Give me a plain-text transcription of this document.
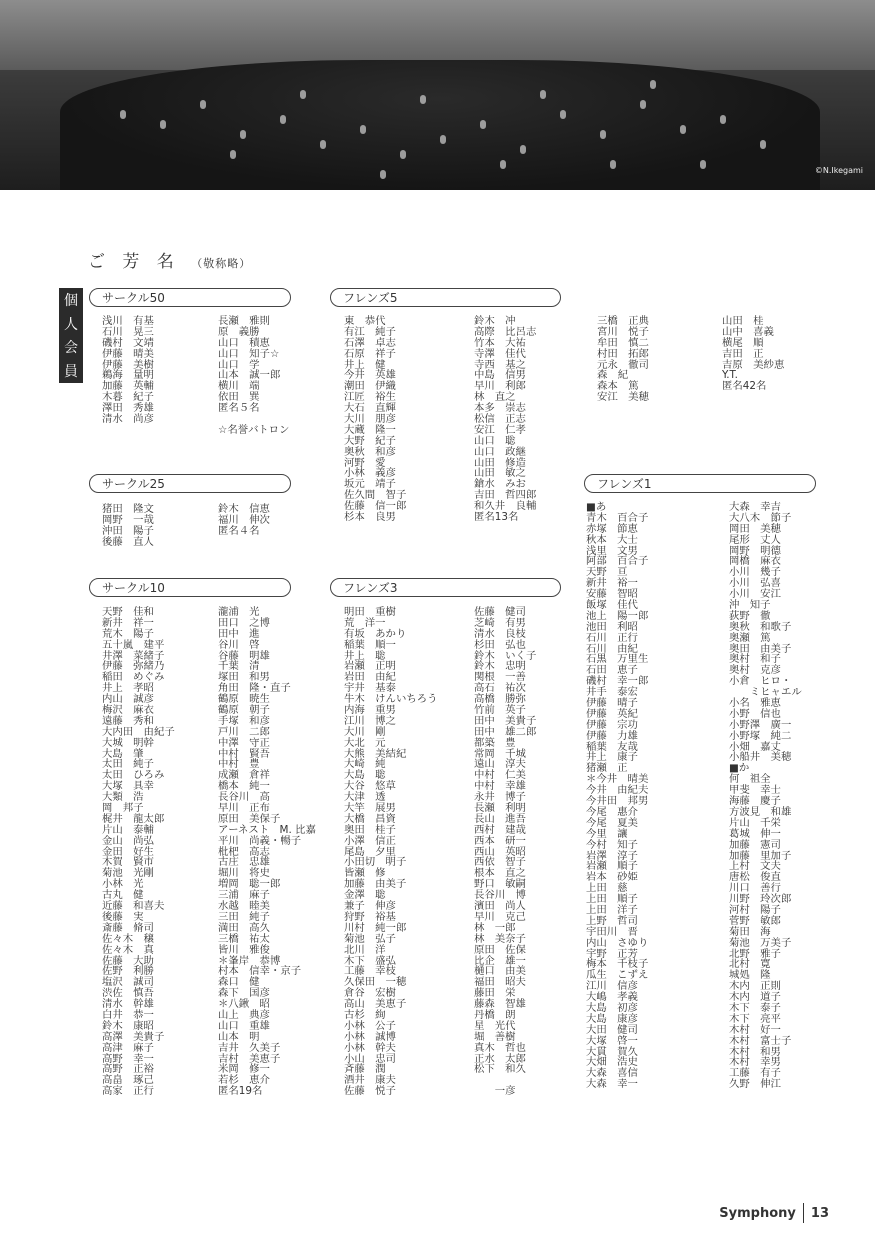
©N.Ikegami
ご 芳 名 （敬称略）
個
人
会
員
サークル50
サークル25
サークル10
フレンズ5
フレンズ3
フレンズ1
浅川　有基
石川　晃三
磯村　文靖
伊藤　晴美
伊藤　美樹
鵜海　量明
加藤　英輔
木暮　紀子
澤田　秀雄
清水　尚彦
長瀬　雅則
原　義勝
山口　積恵
山口　知子☆
山口　学
山本　誠一郎
横川　端
依田　巽
匿名５名
☆名誉バトロン
猪田　隆文
岡野　一哉
沖田　陽子
後藤　直人
鈴木　信恵
福川　伸次
匿名４名
天野　佳和
新井　祥一
荒木　陽子
五十嵐　建平
井澤　菜緒子
伊藤　弥緒乃
稲田　めぐみ
井上　孝昭
内山　誠彦
梅沢　麻衣
遠藤　秀和
大内田　由紀子
大城　明幹
大島　肇
太田　純子
太田　ひろみ
大塚　具幸
大類　浩
岡　邦子
梶井　龍太郎
片山　泰輔
金山　尚弘
金田　好生
木賀　賢市
菊池　光剛
小林　光
古丸　健
近藤　和喜夫
後藤　実
斎藤　脩司
佐々木　穣
佐々木　真
佐藤　大助
佐野　利勝
塩沢　誠司
渋佐　慎吾
清水　幹雄
白井　恭一
鈴木　康昭
高澤　美貴子
高津　麻子
高野　幸一
高野　正裕
高畠　琢己
高家　正行
瀧浦　光
田口　之博
田中　進
谷川　啓
谷藤　明雄
千葉　清
塚田　和男
角田　隆・直子
鶴原　暁生
鶴原　朝子
手塚　和彦
戸川　二郎
中澤　守正
中村　賢吾
中村　豊
成瀬　倉祥
橋本　純一
長谷川　高
早川　正布
原田　美保子
アーネスト　M. 比嘉
平川　尚義・暢子
枇杷　高志
古庄　忠雄
堀川　将史
増岡　聡一郎
三浦　麻子
水越　睦美
三田　純子
満田　高久
三橋　祐太
皆川　雅俊
＊峯岸　恭博
村本　信幸・京子
森口　健
森下　国彦
＊八鍬　昭
山上　典彦
山口　重雄
山本　明
吉井　久美子
吉村　美恵子
米岡　修一
若杉　恵介
匿名19名
東　恭代
有江　純子
石澤　卓志
石原　祥子
井上　健
今井　英雄
潮田　伊織
江匠　裕生
大石　直輝
大川　朋彦
大蔵　隆一
大野　紀子
奥秋　和彦
河野　愛
小林　義彦
坂元　靖子
佐久間　智子
佐藤　信一郎
杉本　良男
鈴木　冲
高際　比呂志
竹本　大祐
寺澤　佳代
寺西　基之
中島　信男
早川　利郎
林　直之
本多　崇志
松信　正志
安江　仁孝
山口　聡
山口　政継
山田　修造
山田　敏之
鎗水　みお
吉田　哲四郎
和久井　良輔
匿名13名
三橋　正典
宮川　悦子
牟田　慎二
村田　拓郎
元永　徹司
森　紀
森本　篤
安江　美穂
山田　桂
山中　喜義
横尾　順
吉田　正
吉原　美紗恵
Y.T.
匿名42名
明田　重樹
荒　洋一
有坂　あかり
稲葉　順一
井上　聡
岩瀬　正明
岩田　由紀
宇井　基泰
牛木　けんいちろう
内海　重男
江川　博之
大川　剛
大北　元
大熊　美結紀
大崎　純
大島　聡
大谷　悠草
大津　透
大竿　展男
大橋　昌資
奥田　桂子
小澤　信正
尾島　夕里
小田切　明子
皆瀬　修
加藤　由美子
金澤　聡
兼子　伸彦
狩野　裕基
川村　純一郎
菊池　弘子
北川　洋
木下　盛弘
工藤　幸枝
久保田　一穂
倉谷　宏樹
高山　美恵子
古杉　絢
小林　公子
小林　誠博
小林　幹夫
小山　忠司
斉藤　潤
酒井　康夫
佐藤　悦子
佐藤　健司
芝崎　有男
清水　良枝
杉田　弘也
鈴木　いく子
鈴木　忠明
関根　一善
高石　祐次
高橋　勝弥
竹前　英子
田中　美貴子
田中　雄二郎
都築　豊
常岡　千城
遠山　淳夫
中村　仁美
中村　幸雄
永井　博子
長瀬　利明
長山　進吾
西村　建哉
西本　研一
西山　英昭
西依　智子
根本　直之
野口　敏嗣
長谷川　博
濱田　尚人
早川　克己
林　一郎
林　美奈子
原田　佐保
比企　雄一
樋口　由美
福田　昭夫
藤田　栄
藤森　智雄
丹橋　朗
星　光代
堀　善樹
真木　哲也
正水　太郎
松下　和久
　　一彦
■あ
青木　百合子
赤塚　節恵
秋本　大士
浅里　文男
阿部　百合子
天野　亘
新井　裕一
安藤　智昭
飯塚　佳代
池上　陽一郎
池田　利昭
石川　正行
石川　由紀
石黒　万里生
石田　恵子
磯村　幸一郎
井手　泰宏
伊藤　晴子
伊藤　英紀
伊藤　宗功
伊藤　力雄
稲葉　友哉
井上　康子
猪瀬　正
＊今井　晴美
今井　由紀夫
今井田　邦男
今尾　惠介
今尾　夏美
今里　讓
今村　知子
岩澤　淳子
岩瀬　順子
岩本　砂姫
上田　慈
上田　順子
上田　洋子
上野　哲司
宇田川　晋
内山　さゆり
宇野　正芳
梅本　千枝子
瓜生　こずえ
江川　信彦
大嶋　孝義
大島　初彦
大島　康彦
大田　健司
大塚　啓一
大貫　賀久
大畑　浩史
大森　喜信
大森　幸一
大森　幸吉
大八木　節子
岡田　美穂
尾形　丈人
岡野　明德
岡橋　麻衣
小川　幾子
小川　弘喜
小川　安江
沖　知子
荻野　徹
奥秋　和歌子
奥瀬　篤
奥田　由美子
奥村　和子
奥村　克彦
小倉　ヒロ・
　　ミヒャエル
小名　雅恵
小野　信也
小野澤　廣一
小野塚　純二
小畑　嘉丈
小船井　美穂
■か
何　祖全
甲斐　幸士
海藤　慶子
方波見　和雄
片山　千栄
葛城　伸一
加藤　憲司
加藤　里加子
上村　文夫
唐松　俊直
川口　善行
川野　玲次郎
河村　陽子
菅野　敏郎
菊田　海
菊池　万美子
北野　雅子
北村　寛
城処　隆
木内　正則
木内　道子
木下　泰子
木下　亮平
木村　好一
木村　富士子
木村　和男
木村　幸男
工藤　有子
久野　伸江
Symphony 13
